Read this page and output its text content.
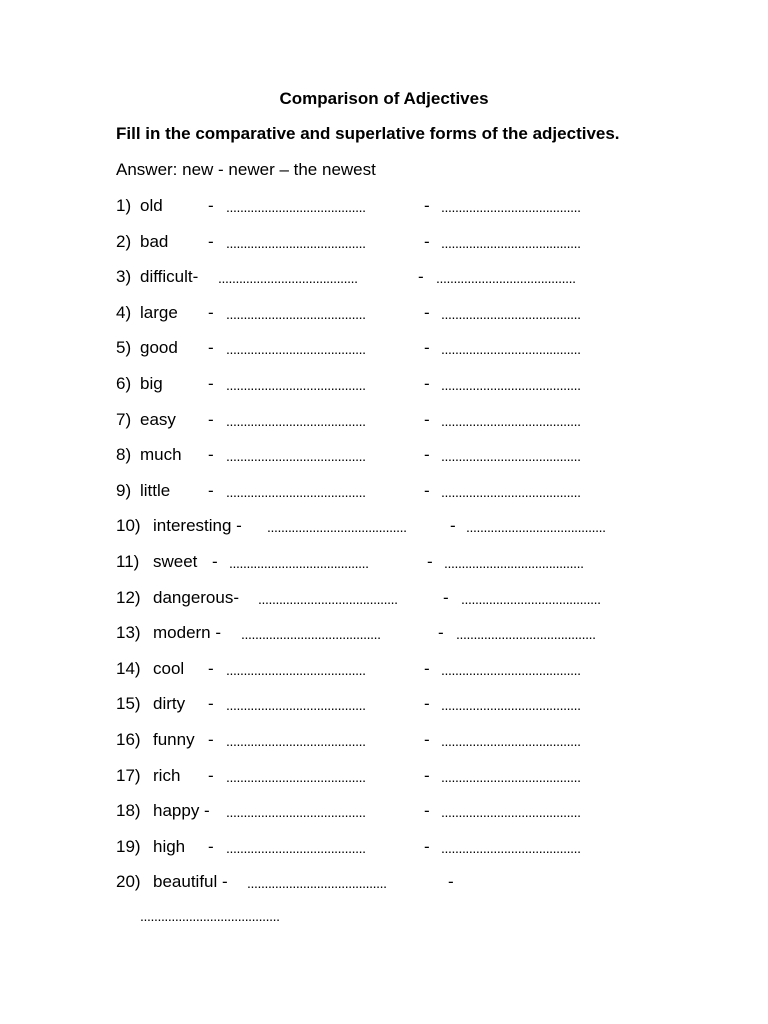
Comparison of Adjectives
Fill in the comparative and superlative forms of the adjectives.
Answer: new - newer – the newest
1) old	- ........................................	- ........................................
2) bad - ........................................	- ........................................
3) difficult- ........................................	- ........................................
4) large - ........................................	- ........................................
5) good - ........................................	- ........................................
6) big	- ........................................	- ........................................
7) easy - ........................................	- ........................................
8) much - ........................................	- ........................................
9) little - ........................................	- ........................................
10) interesting - ........................................	- ........................................
11) sweet - ........................................	- ........................................
12) dangerous- ........................................	- ........................................
13) modern - ........................................	- ........................................
14) cool - ........................................	- ........................................
15) dirty - ........................................	- ........................................
16) funny - ........................................	- ........................................
17) rich - ........................................	- ........................................
18) happy - ........................................	- ........................................
19) high - ........................................	- ........................................
20) beautiful - ........................................	-
........................................
